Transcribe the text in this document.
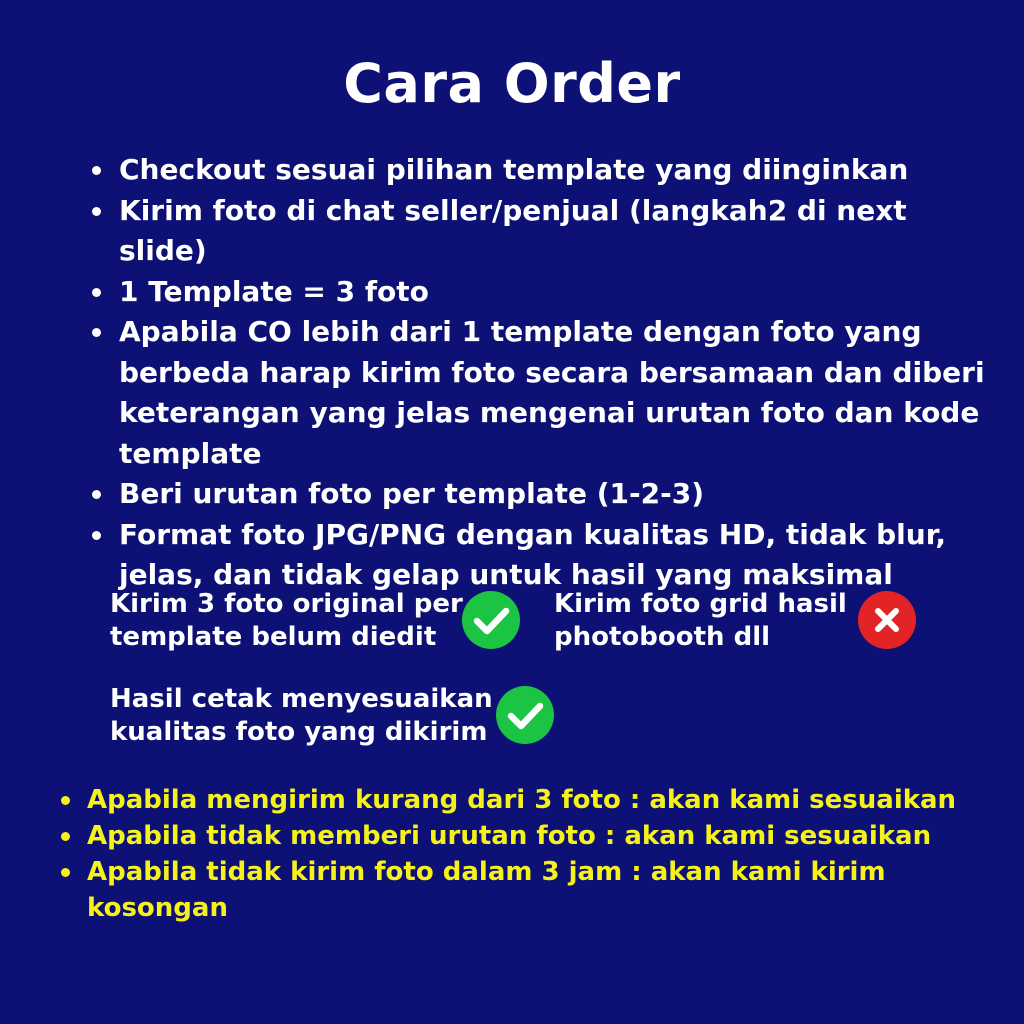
Cara Order
Checkout sesuai pilihan template yang diinginkan
Kirim foto di chat seller/penjual (langkah2 di next slide)
1 Template = 3 foto
Apabila CO lebih dari 1 template dengan foto yang berbeda harap kirim foto secara bersamaan dan diberi keterangan yang jelas mengenai urutan foto dan kode template
Beri urutan foto per template (1-2-3)
Format foto JPG/PNG dengan kualitas HD, tidak blur, jelas, dan tidak gelap untuk hasil yang maksimal
Kirim 3 foto original per
template belum diedit
Kirim foto grid hasil
photobooth dll
Hasil cetak menyesuaikan
kualitas foto yang dikirim
Apabila mengirim kurang dari 3 foto : akan kami sesuaikan
Apabila tidak memberi urutan foto : akan kami sesuaikan
Apabila tidak kirim foto dalam 3 jam : akan kami kirim kosongan
